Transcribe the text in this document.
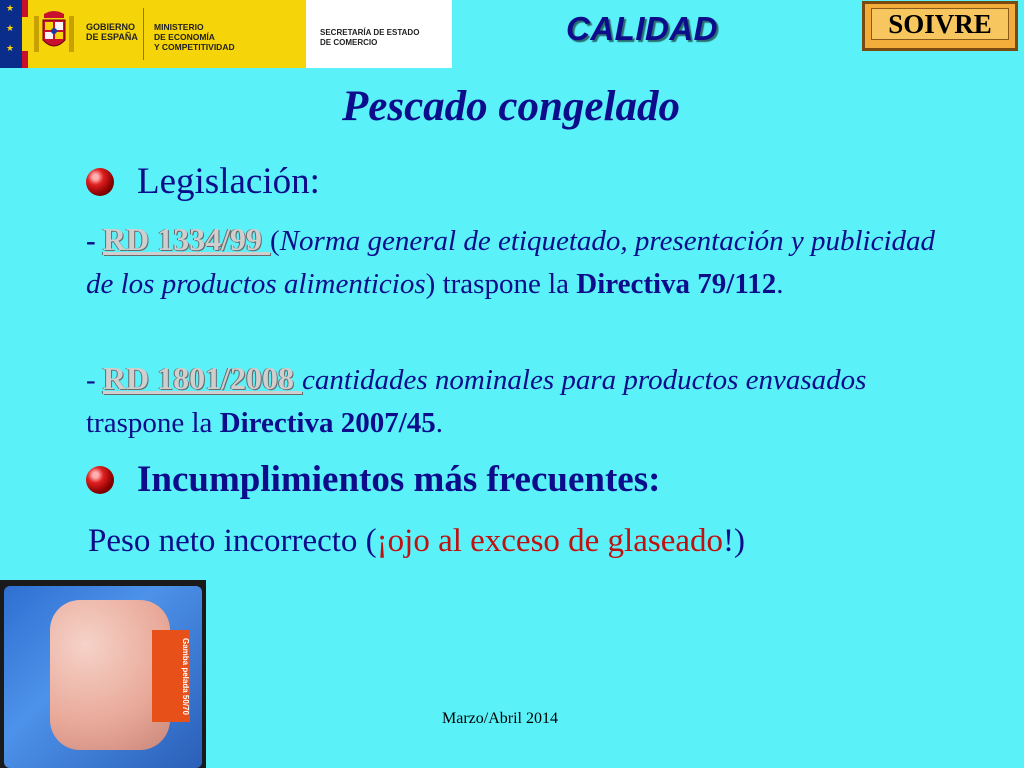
★
★
★
GOBIERNO
DE ESPAÑA
MINISTERIO
DE ECONOMÍA
Y COMPETITIVIDAD
SECRETARÍA DE ESTADO
DE COMERCIO	CALIDAD	SOIVRE
Pescado congelado
Legislación:
- RD 1334/99 (Norma general de etiquetado, presentación y publicidad de los productos alimenticios) traspone la Directiva 79/112.
- RD 1801/2008 cantidades nominales para productos envasados traspone la Directiva 2007/45.
Incumplimientos más frecuentes:
Peso neto incorrecto (¡ojo al exceso de glaseado!)
Gamba pelada 50/70
Marzo/Abril 2014
